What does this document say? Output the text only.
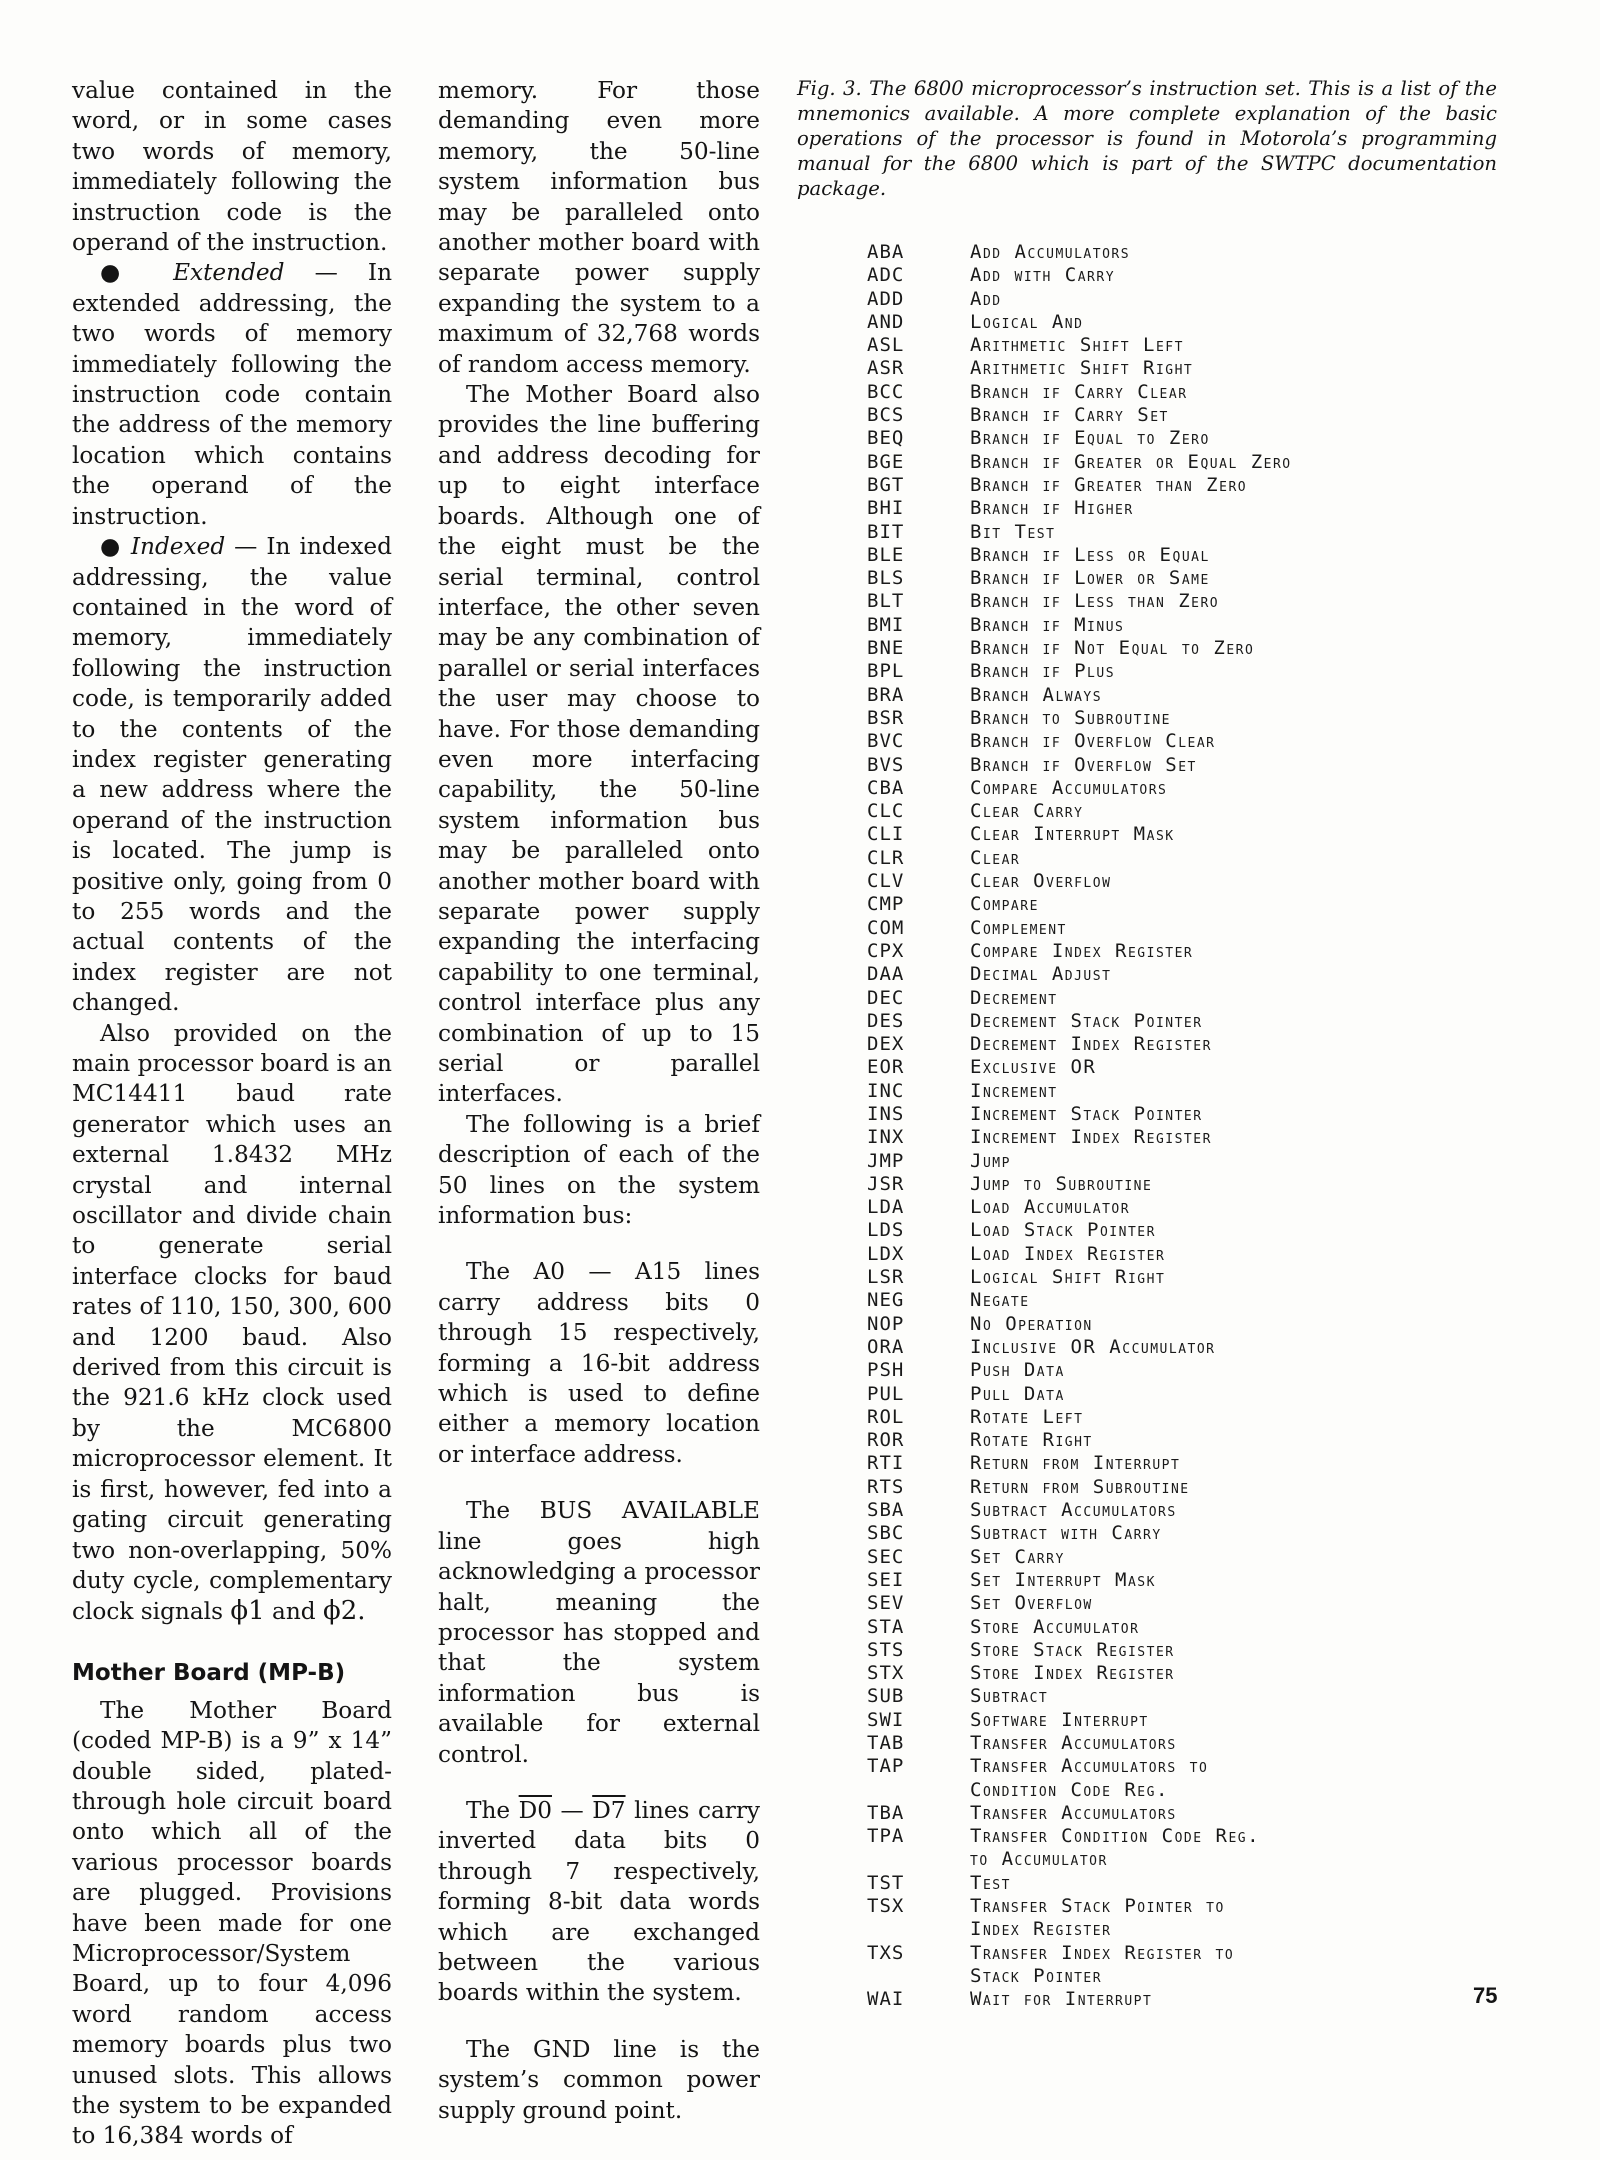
value contained in the word, or in some cases two words of memory, immediately following the instruction code is the operand of the instruction.

● Extended — In extended addressing, the two words of memory immediately following the instruction code contain the address of the memory location which contains the operand of the instruction.

● Indexed — In indexed addressing, the value contained in the word of memory, immediately following the instruction code, is temporarily added to the contents of the index register generating a new address where the operand of the instruction is located. The jump is positive only, going from 0 to 255 words and the actual contents of the index register are not changed.

Also provided on the main processor board is an MC14411 baud rate generator which uses an external 1.8432 MHz crystal and internal oscillator and divide chain to generate serial interface clocks for baud rates of 110, 150, 300, 600 and 1200 baud. Also derived from this circuit is the 921.6 kHz clock used by the MC6800 microprocessor element. It is first, however, fed into a gating circuit generating two non-overlapping, 50% duty cycle, complementary clock signals ϕ1 and ϕ2.

Mother Board (MP-B)

The Mother Board (coded MP-B) is a 9” x 14” double sided, plated-through hole circuit board onto which all of the various processor boards are plugged. Provisions have been made for one Microprocessor/System Board, up to four 4,096 word random access memory boards plus two unused slots. This allows the system to be expanded to 16,384 words of

memory. For those demanding even more memory, the 50-line system information bus may be paralleled onto another mother board with separate power supply expanding the system to a maximum of 32,768 words of random access memory.

The Mother Board also provides the line buffering and address decoding for up to eight interface boards. Although one of the eight must be the serial terminal, control interface, the other seven may be any combination of parallel or serial interfaces the user may choose to have. For those demanding even more interfacing capability, the 50-line system information bus may be paralleled onto another mother board with separate power supply expanding the interfacing capability to one terminal, control interface plus any combination of up to 15 serial or parallel interfaces.

The following is a brief description of each of the 50 lines on the system information bus:

The A0 — A15 lines carry address bits 0 through 15 respectively, forming a 16-bit address which is used to define either a memory location or interface address.

The BUS AVAILABLE line goes high acknowledging a processor halt, meaning the processor has stopped and that the system information bus is available for external control.

The D0 — D7 lines carry inverted data bits 0 through 7 respectively, forming 8-bit data words which are exchanged between the various boards within the system.

The GND line is the system’s common power supply ground point.

Fig. 3. The 6800 microprocessor’s instruction set. This is a list of the mnemonics available. A more complete explanation of the basic operations of the processor is found in Motorola’s programming manual for the 6800 which is part of the SWTPC documentation package.

ABA	Add Accumulators
ADC	Add with Carry
ADD	Add
AND	Logical And
ASL	Arithmetic Shift Left
ASR	Arithmetic Shift Right
BCC	Branch if Carry Clear
BCS	Branch if Carry Set
BEQ	Branch if Equal to Zero
BGE	Branch if Greater or Equal Zero
BGT	Branch if Greater than Zero
BHI	Branch if Higher
BIT	Bit Test
BLE	Branch if Less or Equal
BLS	Branch if Lower or Same
BLT	Branch if Less than Zero
BMI	Branch if Minus
BNE	Branch if Not Equal to Zero
BPL	Branch if Plus
BRA	Branch Always
BSR	Branch to Subroutine
BVC	Branch if Overflow Clear
BVS	Branch if Overflow Set
CBA	Compare Accumulators
CLC	Clear Carry
CLI	Clear Interrupt Mask
CLR	Clear
CLV	Clear Overflow
CMP	Compare
COM	Complement
CPX	Compare Index Register
DAA	Decimal Adjust
DEC	Decrement
DES	Decrement Stack Pointer
DEX	Decrement Index Register
EOR	Exclusive OR
INC	Increment
INS	Increment Stack Pointer
INX	Increment Index Register
JMP	Jump
JSR	Jump to Subroutine
LDA	Load Accumulator
LDS	Load Stack Pointer
LDX	Load Index Register
LSR	Logical Shift Right
NEG	Negate
NOP	No Operation
ORA	Inclusive OR Accumulator
PSH	Push Data
PUL	Pull Data
ROL	Rotate Left
ROR	Rotate Right
RTI	Return from Interrupt
RTS	Return from Subroutine
SBA	Subtract Accumulators
SBC	Subtract with Carry
SEC	Set Carry
SEI	Set Interrupt Mask
SEV	Set Overflow
STA	Store Accumulator
STS	Store Stack Register
STX	Store Index Register
SUB	Subtract
SWI	Software Interrupt
TAB	Transfer Accumulators
TAP	Transfer Accumulators to
Condition Code Reg.
TBA	Transfer Accumulators
TPA	Transfer Condition Code Reg.
to Accumulator
TST	Test
TSX	Transfer Stack Pointer to
Index Register
TXS	Transfer Index Register to
Stack Pointer
WAI	Wait for Interrupt	75
